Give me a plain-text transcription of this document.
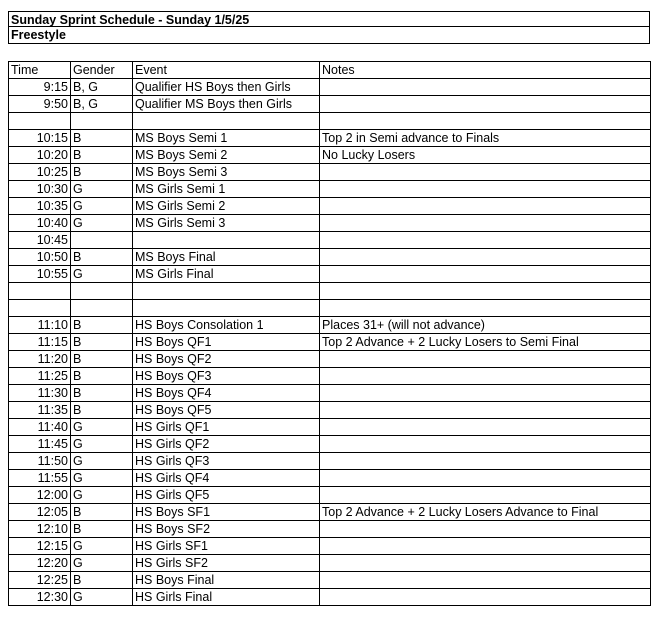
Sunday Sprint Schedule - Sunday 1/5/25
Freestyle
Time	Gender	Event	Notes
9:15	B, G	Qualifier HS Boys then Girls	
9:50	B, G	Qualifier MS Boys then Girls	

10:15	B	MS Boys Semi 1	Top 2 in Semi advance to Finals
10:20	B	MS Boys Semi 2	No Lucky Losers
10:25	B	MS Boys Semi 3	
10:30	G	MS Girls Semi 1	
10:35	G	MS Girls Semi 2	
10:40	G	MS Girls Semi 3	
10:45			
10:50	B	MS Boys Final	
10:55	G	MS Girls Final	

11:10	B	HS Boys Consolation 1	Places 31+ (will not advance)
11:15	B	HS Boys QF1	Top 2 Advance + 2 Lucky Losers to Semi Final
11:20	B	HS Boys QF2	
11:25	B	HS Boys QF3	
11:30	B	HS Boys QF4	
11:35	B	HS Boys QF5	
11:40	G	HS Girls QF1	
11:45	G	HS Girls QF2	
11:50	G	HS Girls QF3	
11:55	G	HS Girls QF4	
12:00	G	HS Girls QF5	
12:05	B	HS Boys SF1	Top 2 Advance + 2 Lucky Losers Advance to Final
12:10	B	HS Boys SF2	
12:15	G	HS Girls SF1	
12:20	G	HS Girls SF2	
12:25	B	HS Boys Final	
12:30	G	HS Girls Final	
